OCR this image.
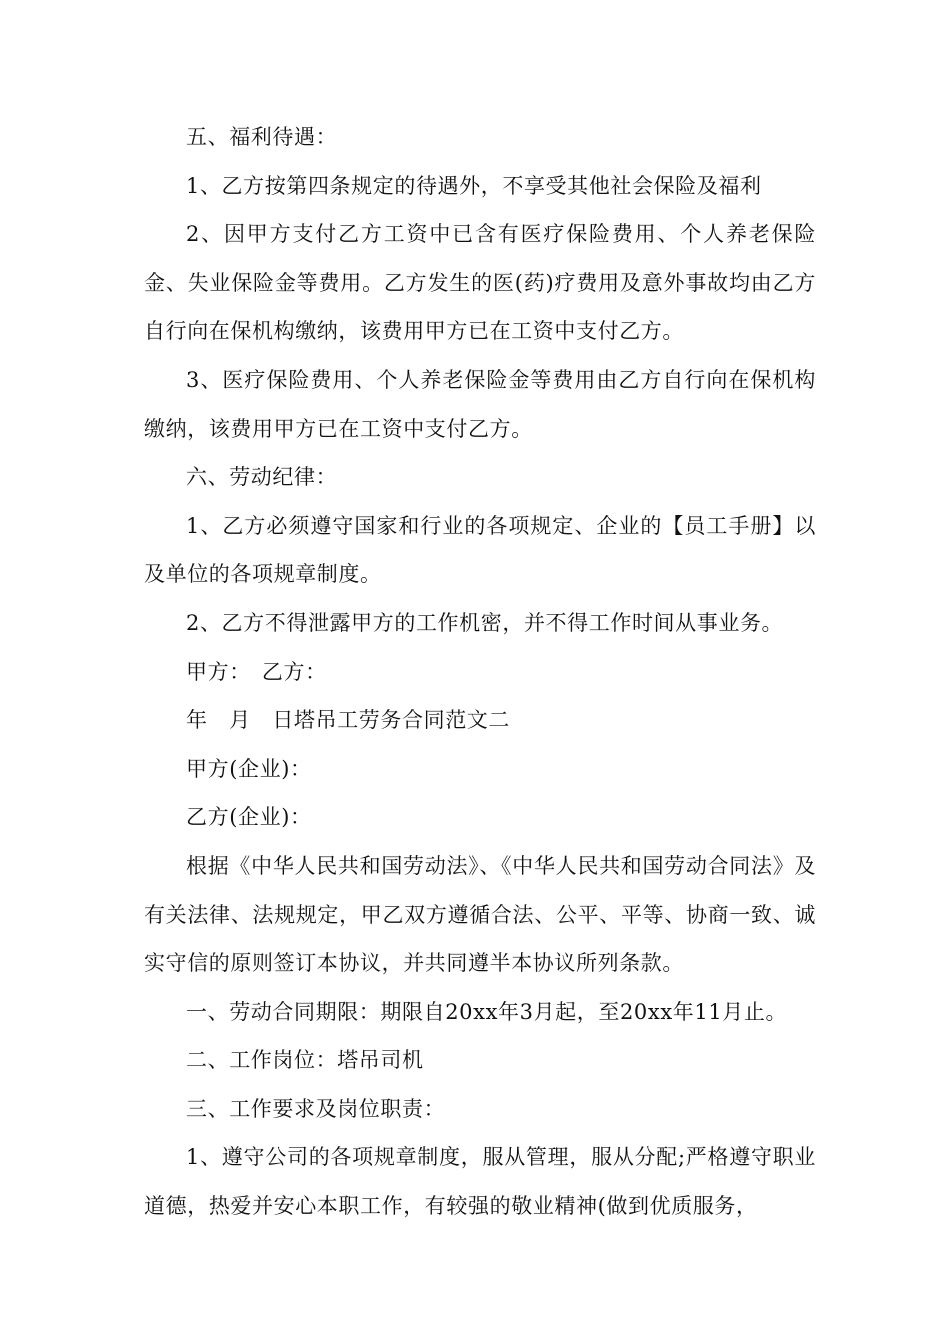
五、福利待遇：

1、乙方按第四条规定的待遇外，不享受其他社会保险及福利

2、因甲方支付乙方工资中已含有医疗保险费用、个人养老保险金、失业保险金等费用。乙方发生的医(药)疗费用及意外事故均由乙方自行向在保机构缴纳，该费用甲方已在工资中支付乙方。

3、医疗保险费用、个人养老保险金等费用由乙方自行向在保机构缴纳，该费用甲方已在工资中支付乙方。

六、劳动纪律：

1、乙方必须遵守国家和行业的各项规定、企业的【员工手册】以及单位的各项规章制度。

2、乙方不得泄露甲方的工作机密，并不得工作时间从事业务。

甲方：　乙方：

年　月　日塔吊工劳务合同范文二

甲方(企业)：

乙方(企业)：

根据《中华人民共和国劳动法》、《中华人民共和国劳动合同法》及有关法律、法规规定，甲乙双方遵循合法、公平、平等、协商一致、诚实守信的原则签订本协议，并共同遵半本协议所列条款。

一、劳动合同期限：期限自20xx年3月起，至20xx年11月止。

二、工作岗位：塔吊司机

三、工作要求及岗位职责：

1、遵守公司的各项规章制度，服从管理，服从分配;严格遵守职业道德，热爱并安心本职工作，有较强的敬业精神(做到优质服务，
